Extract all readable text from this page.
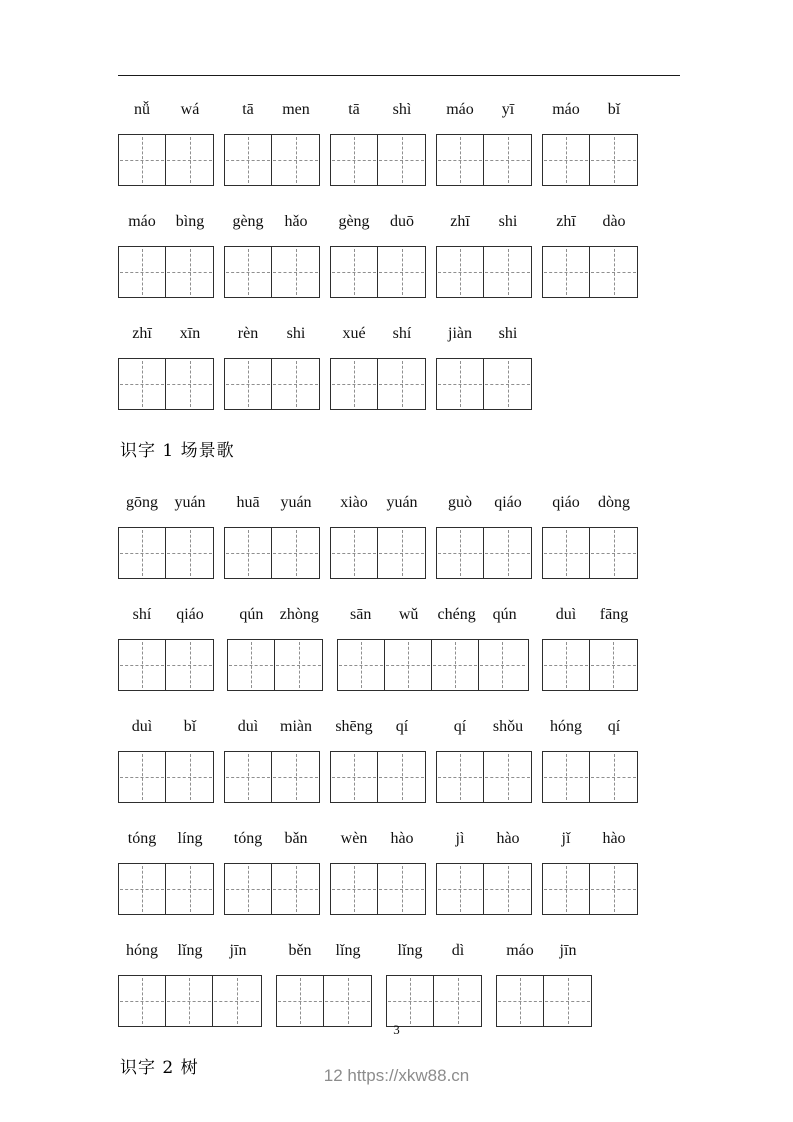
nǚ	wá	tā	men	tā	shì	máo	yī	máo	bǐ
máo	bìng	gèng	hǎo	gèng	duō	zhī	shi	zhī	dào
zhī	xīn	rèn	shi	xué	shí	jiàn	shi
识字 1 场景歌
gōng	yuán	huā	yuán	xiào	yuán	guò	qiáo	qiáo	dòng
shí	qiáo	qún	zhòng	sān	wǔ	chéng	qún	duì	fāng
duì	bǐ	duì	miàn	shēng	qí	qí	shǒu	hóng	qí
tóng	líng	tóng	bǎn	wèn	hào	jì	hào	jǐ	hào
hóng	lǐng	jīn	běn	lǐng	lǐng	dì	máo	jīn
识字 2 树
3
12 https://xkw88.cn
